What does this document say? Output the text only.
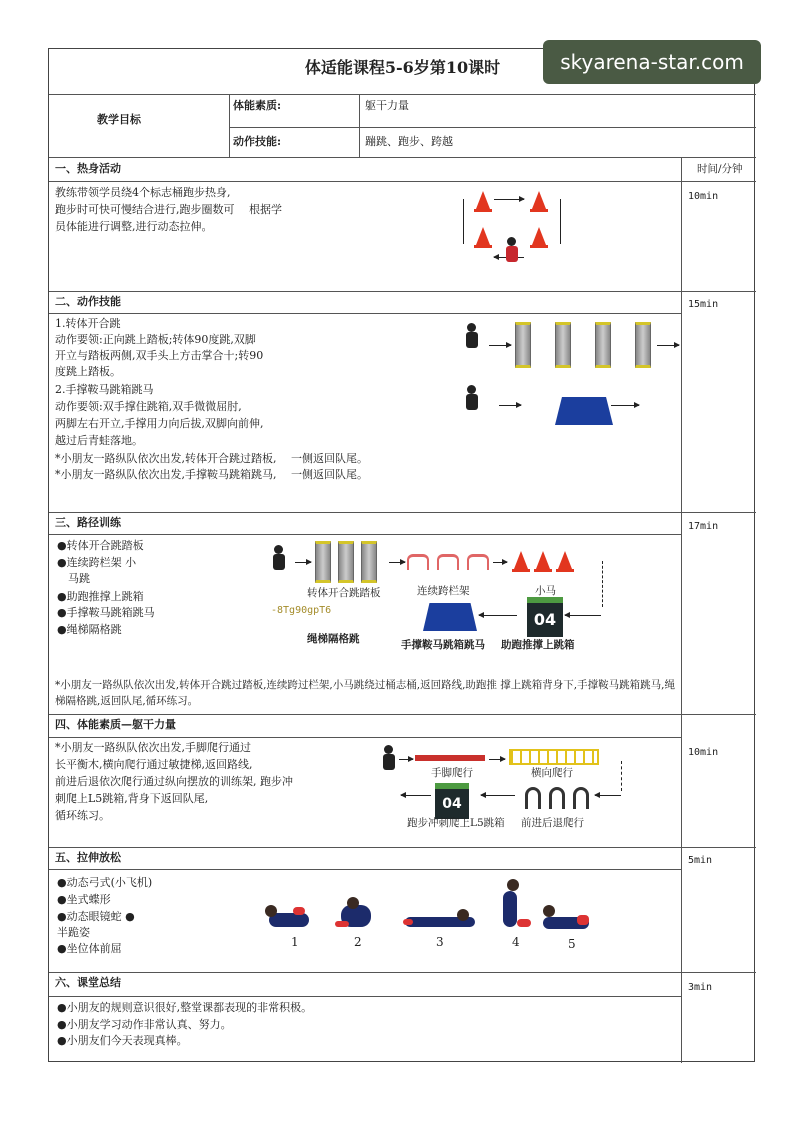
体适能课程5-6岁第10课时
教学目标
体能素质:	躯干力量
动作技能:	蹦跳、跑步、跨越
一、热身活动	时间/分钟
教练带领学员绕4个标志桶跑步热身,
跑步时可快可慢结合进行,跑步圈数可　 根据学
员体能进行调整,进行动态拉伸。
10min
二、动作技能	15min
1.转体开合跳
动作要领:正向跳上踏板;转体90度跳,双脚
开立与踏板两侧,双手头上方击掌合十;转90
度跳上踏板。
2.手撑鞍马跳箱跳马
动作要领:双手撑住跳箱,双手微微屈肘,
两脚左右开立,手撑用力向后拔,双脚向前伸,
越过后青蛙落地。
*小朋友一路纵队依次出发,转体开合跳过踏板,　 一侧返回队尾。
*小朋友一路纵队依次出发,手撑鞍马跳箱跳马,　 一侧返回队尾。
三、路径训练	17min
●转体开合跳踏板
●连续跨栏架 小
　马跳
●助跑推撑上跳箱
●手撑鞍马跳箱跳马
●绳梯隔格跳
转体开合跳踏板	连续跨栏架	小马
-8Tg90gpT6	04
绳梯隔格跳	手撑鞍马跳箱跳马 助跑推撑上跳箱
*小朋友一路纵队依次出发,转体开合跳过踏板,连续跨过栏架,小马跳绕过桶志桶,返回路线,助跑推 撑上跳箱背身下,手撑鞍马跳箱跳马,绳梯隔格跳,返回队尾,循环练习。
四、体能素质—躯干力量
10min
*小朋友一路纵队依次出发,手脚爬行通过
长平衡木,横向爬行通过敏捷梯,返回路线,
前进后退依次爬行通过纵向摆放的训练架, 跑步冲
刺爬上L5跳箱,背身下返回队尾,
循环练习。
手脚爬行	横向爬行
04
跑步冲刺爬上L5跳箱 前进后退爬行
五、拉伸放松	5min
●动态弓式(小飞机)
●坐式蝶形
●动态眼镜蛇 ●
半跪姿
●坐位体前屈	1	2	3	4	5
六、课堂总结	3min
●小朋友的规则意识很好,整堂课都表现的非常积极。
●小朋友学习动作非常认真、努力。
●小朋友们今天表现真棒。
skyarena-star.com
